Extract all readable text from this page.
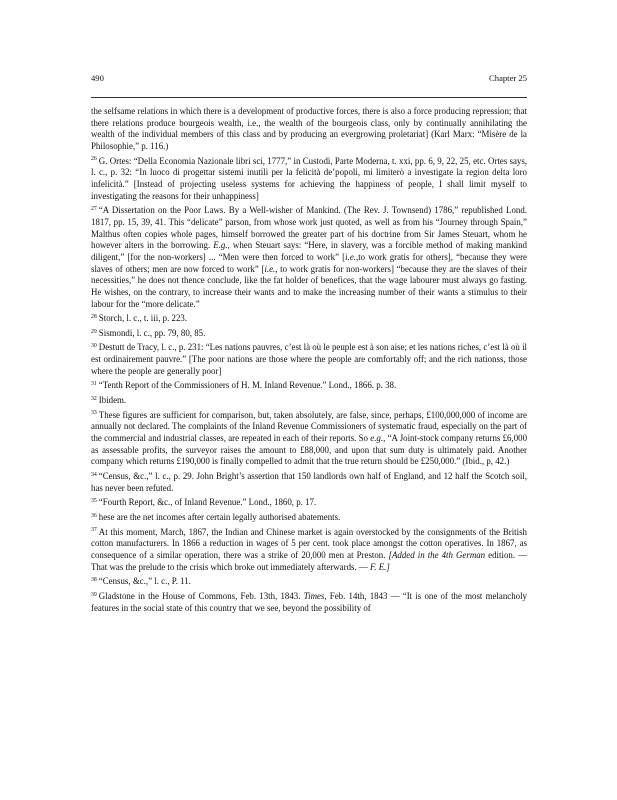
490	Chapter 25

the selfsame relations in which there is a development of productive forces, there is also a force producing repression; that there relations produce bourgeois wealth, i.e., the wealth of the bourgeois class, only by continually annihilating the wealth of the individual members of this class and by producing an evergrowing proletariat] (Karl Marx: “Misère de la Philosophie,” p. 116.)

$^{26}$ G. Ortes: “Della Economia Nazionale libri sci, 1777,” in Custodi, Parte Moderna, t. xxi, pp. 6, 9, 22, 25, etc. Ortes says, l. c., p. 32: “In luoco di progettar sistemi inutili per la felicità de’popoli, mi limiterò a investigate la region delta loro infelicità.” [Instead of projecting useless systems for achieving the happiness of people, I shall limit myself to investigating the reasons for their unhappiness]

$^{27}$ “A Dissertation on the Poor Laws. By a Well-wisher of Mankind. (The Rev. J. Townsend) 1786,” republished Lond. 1817, pp. 15, 39, 41. This “delicate” parson, from whose work just quoted, as well as from his “Journey through Spain,” Malthus often copies whole pages, himself borrowed the greater part of his doctrine from Sir James Steuart, whom he however alters in the borrowing. E.g., when Steuart says: “Here, in slavery, was a forcible method of making mankind diligent,” [for the non-workers] ... “Men were then forced to work” [i.e.,to work gratis for others], “because they were slaves of others; men are now forced to work” [i.e., to work gratis for non-workers] “because they are the slaves of their necessities,” he does not thence conclude, like the fat holder of benefices, that the wage labourer must always go fasting. He wishes, on the contrary, to increase their wants and to make the increasing number of their wants a stimulus to their labour for the “more delicate.”

$^{28}$ Storch, l. c., t. iii, p. 223.

$^{29}$ Sismondi, l. c., pp. 79, 80, 85.

$^{30}$ Destutt de Tracy, l. c., p. 231: “Les nations pauvres, c’est là où le peuple est à son aise; et les nations riches, c’est là où il est ordinairement pauvre.” [The poor nations are those where the people are comfortably off; and the rich nationss, those where the people are generally poor]

$^{31}$ “Tenth Report of the Commissioners of H. M. Inland Revenue.” Lond., 1866. p. 38.

$^{32}$ Ibidem.

$^{33}$ These figures are sufficient for comparison, but, taken absolutely, are false, since, perhaps, £100,000,000 of income are annually not declared. The complaints of the Inland Revenue Commissioners of systematic fraud, especially on the part of the commercial and industrial classes, are repeated in each of their reports. So e.g., “A Joint-stock company returns £6,000 as assessable profits, the surveyor raises the amount to £88,000, and upon that sum duty is ultimately paid. Another company which returns £190,000 is finally compelled to admit that the true return should be £250,000.” (Ibid., p, 42.)

$^{34}$ “Census, &c.,” l. c., p. 29. John Bright’s assertion that 150 landlords own half of England, and 12 half the Scotch soil, has never been refuted.

$^{35}$ “Fourth Report, &c., of Inland Revenue.” Lond., 1860, p. 17.

$^{36}$ hese are the net incomes after certain legally authorised abatements.

$^{37}$ At this moment, March, 1867, the Indian and Chinese market is again overstocked by the consignments of the British cotton manufacturers. In 1866 a reduction in wages of 5 per cent. took place amongst the cotton operatives. In 1867, as consequence of a similar operation, there was a strike of 20,000 men at Preston. [Added in the 4th German edition. — That was the prelude to the crisis which broke out immediately afterwards. — F. E.]

$^{38}$ “Census, &c.,” l. c., P. 11.

$^{39}$ Gladstone in the House of Commons, Feb. 13th, 1843. Times, Feb. 14th, 1843 — “It is one of the most melancholy features in the social state of this country that we see, beyond the possibility of
